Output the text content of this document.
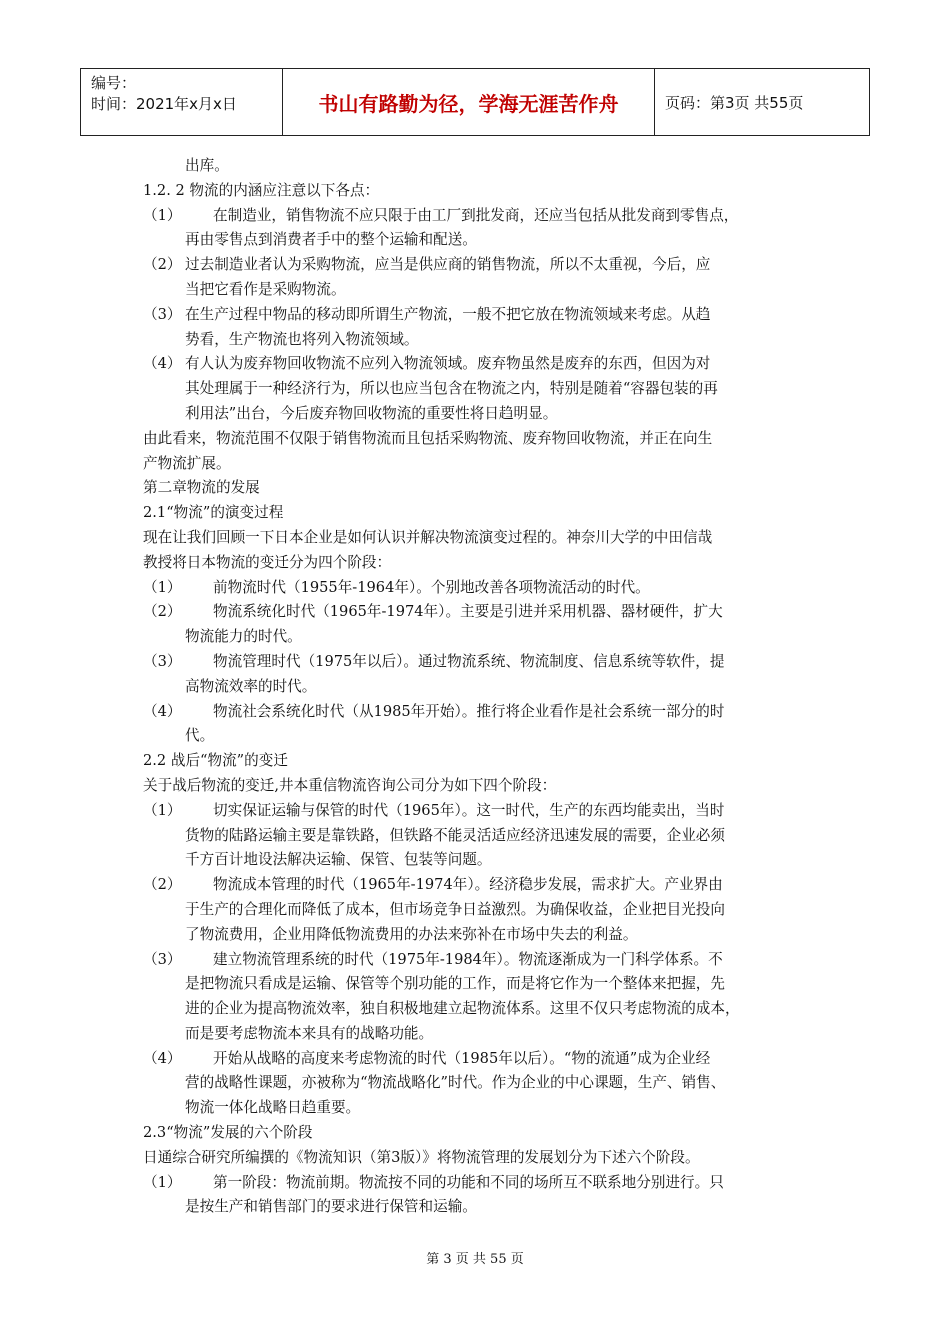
编号：
时间：2021年x月x日	书山有路勤为径，学海无涯苦作舟	页码：第3页 共55页
出库。
1.2. 2 物流的内涵应注意以下各点：
（1）	在制造业，销售物流不应只限于由工厂到批发商，还应当包括从批发商到零售点，
再由零售点到消费者手中的整个运输和配送。
（2） 过去制造业者认为采购物流，应当是供应商的销售物流，所以不太重视，今后，应
当把它看作是采购物流。
（3） 在生产过程中物品的移动即所谓生产物流，一般不把它放在物流领域来考虑。从趋
势看，生产物流也将列入物流领域。
（4） 有人认为废弃物回收物流不应列入物流领域。废弃物虽然是废弃的东西，但因为对
其处理属于一种经济行为，所以也应当包含在物流之内，特别是随着“容器包装的再
利用法”出台，今后废弃物回收物流的重要性将日趋明显。
由此看来，物流范围不仅限于销售物流而且包括采购物流、废弃物回收物流，并正在向生
产物流扩展。
第二章物流的发展
2.1“物流”的演变过程
现在让我们回顾一下日本企业是如何认识并解决物流演变过程的。神奈川大学的中田信哉
教授将日本物流的变迁分为四个阶段：
（1）	前物流时代（1955年-1964年）。个别地改善各项物流活动的时代。
（2）	物流系统化时代（1965年-1974年）。主要是引进并采用机器、器材硬件，扩大
物流能力的时代。
（3）	物流管理时代（1975年以后）。通过物流系统、物流制度、信息系统等软件，提
高物流效率的时代。
（4）	物流社会系统化时代（从1985年开始）。推行将企业看作是社会系统一部分的时
代。
2.2 战后“物流”的变迁
关于战后物流的变迁,井本重信物流咨询公司分为如下四个阶段：
（1）	切实保证运输与保管的时代（1965年）。这一时代，生产的东西均能卖出，当时
货物的陆路运输主要是靠铁路，但铁路不能灵活适应经济迅速发展的需要，企业必须
千方百计地设法解决运输、保管、包装等问题。
（2）	物流成本管理的时代（1965年-1974年）。经济稳步发展，需求扩大。产业界由
于生产的合理化而降低了成本，但市场竞争日益激烈。为确保收益，企业把目光投向
了物流费用，企业用降低物流费用的办法来弥补在市场中失去的利益。
（3）	建立物流管理系统的时代（1975年-1984年）。物流逐渐成为一门科学体系。不
是把物流只看成是运输、保管等个别功能的工作，而是将它作为一个整体来把握，先
进的企业为提高物流效率，独自积极地建立起物流体系。这里不仅只考虑物流的成本，
而是要考虑物流本来具有的战略功能。
（4）	开始从战略的高度来考虑物流的时代（1985年以后）。“物的流通”成为企业经
营的战略性课题，亦被称为“物流战略化”时代。作为企业的中心课题，生产、销售、
物流一体化战略日趋重要。
2.3“物流”发展的六个阶段
日通综合研究所编撰的《物流知识（第3版）》将物流管理的发展划分为下述六个阶段。
（1）	第一阶段：物流前期。物流按不同的功能和不同的场所互不联系地分别进行。只
是按生产和销售部门的要求进行保管和运输。
第 3 页 共 55 页
